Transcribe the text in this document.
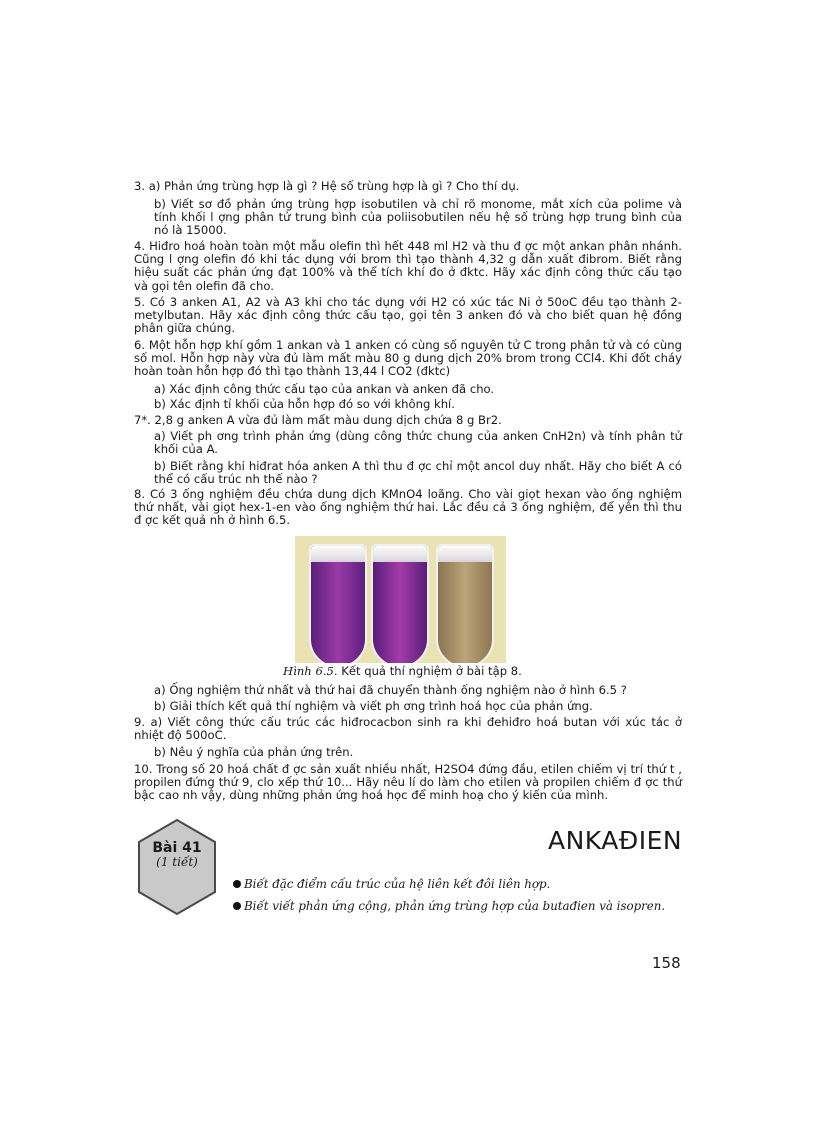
3. a) Phản ứng trùng hợp là gì ? Hệ số trùng hợp là gì ? Cho thí dụ.
b) Viết sơ đồ phản ứng trùng hợp isobutilen và chỉ rõ monome, mắt xích của polime và tính khối l ợng phân tử trung bình của poliisobutilen nếu hệ số trùng hợp trung bình của nó là 15000.
4. Hiđro hoá hoàn toàn một mẫu olefin thì hết 448 ml H2 và thu đ ợc một ankan phân nhánh. Cũng l ợng olefin đó khi tác dụng với brom thì tạo thành 4,32 g dẫn xuất đibrom. Biết rằng hiệu suất các phản ứng đạt 100% và thể tích khí đo ở đktc. Hãy xác định công thức cấu tạo và gọi tên olefin đã cho.
5. Có 3 anken A1, A2 và A3 khi cho tác dụng với H2 có xúc tác Ni ở 50oC đều tạo thành 2-metylbutan. Hãy xác định công thức cấu tạo, gọi tên 3 anken đó và cho biết quan hệ đồng phân giữa chúng.
6. Một hỗn hợp khí gồm 1 ankan và 1 anken có cùng số nguyên tử C trong phân tử và có cùng số mol. Hỗn hợp này vừa đủ làm mất màu 80 g dung dịch 20% brom trong CCl4. Khi đốt cháy hoàn toàn hỗn hợp đó thì tạo thành 13,44 l CO2 (đktc)
a) Xác định công thức cấu tạo của ankan và anken đã cho.
b) Xác định tỉ khối của hỗn hợp đó so với không khí.
7*. 2,8 g anken A vừa đủ làm mất màu dung dịch chứa 8 g Br2.
a) Viết ph ơng trình phản ứng (dùng công thức chung của anken CnH2n) và tính phân tử khối của A.
b) Biết rằng khi hiđrat hóa anken A thì thu đ ợc chỉ một ancol duy nhất. Hãy cho biết A có thể có cấu trúc nh thế nào ?
8. Có 3 ống nghiệm đều chứa dung dịch KMnO4 loãng. Cho vài giọt hexan vào ống nghiệm thứ nhất, vài giọt hex-1-en vào ống nghiệm thứ hai. Lắc đều cả 3 ống nghiệm, để yên thì thu đ ợc kết quả nh ở hình 6.5.
Hình 6.5. Kết quả thí nghiệm ở bài tập 8.
a) Ống nghiệm thứ nhất và thứ hai đã chuyển thành ống nghiệm nào ở hình 6.5 ?
b) Giải thích kết quả thí nghiệm và viết ph ơng trình hoá học của phản ứng.
9. a) Viết công thức cấu trúc các hiđrocacbon sinh ra khi đehiđro hoá butan với xúc tác ở nhiệt độ 500oC.
b) Nêu ý nghĩa của phản ứng trên.
10. Trong số 20 hoá chất đ ợc sản xuất nhiều nhất, H2SO4 đứng đầu, etilen chiếm vị trí thứ t , propilen đứng thứ 9, clo xếp thứ 10... Hãy nêu lí do làm cho etilen và propilen chiếm đ ợc thứ bậc cao nh vậy, dùng những phản ứng hoá học để minh hoạ cho ý kiến của mình.
Bài 41
(1 tiết)
ANKAĐIEN
Biết đặc điểm cấu trúc của hệ liên kết đôi liên hợp.
Biết viết phản ứng cộng, phản ứng trùng hợp của butađien và isopren.
158
